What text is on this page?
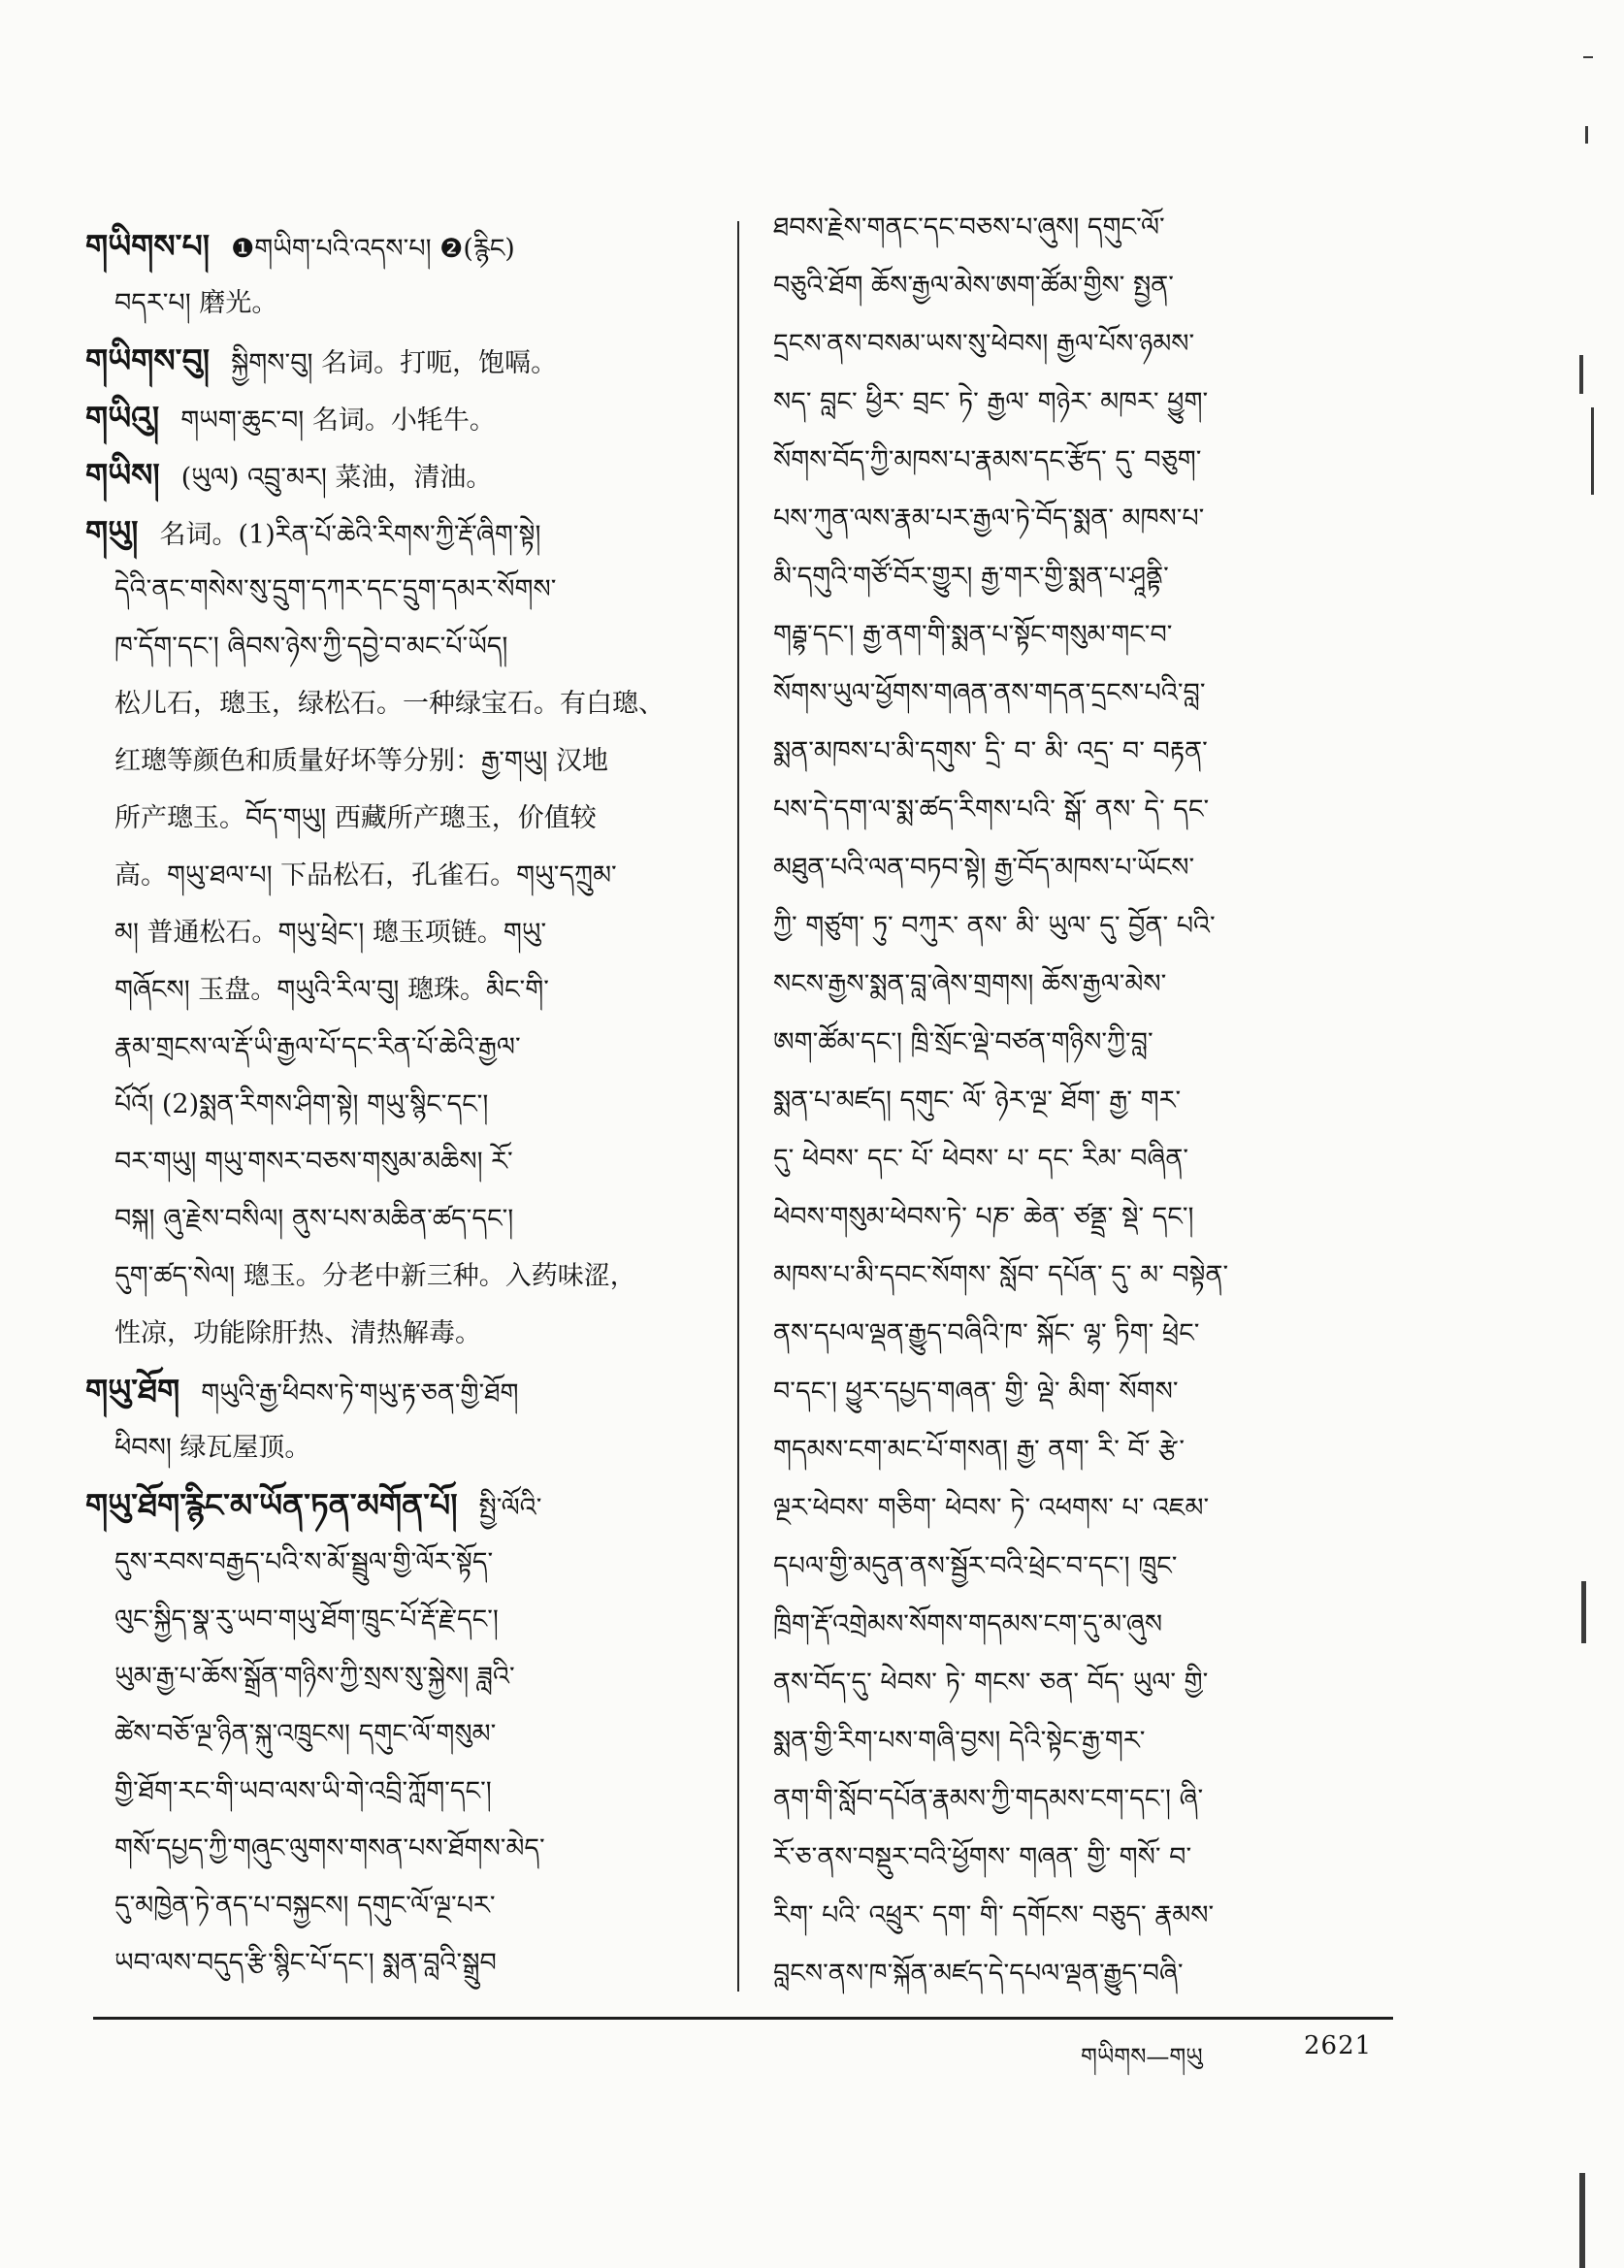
གཡིགས་པ། ❶གཡིག་པའི་འདས་པ། ❷(རྙིང)
བདར་པ། 磨光。
གཡིགས་བུ། སྐྱིགས་བུ། 名词。打呃，饱嗝。
གཡིའུ། གཡག་ཆུང་བ། 名词。小牦牛。
གཡིས། (ཡུལ) འབྲུ་མར། 菜油，清油。
གཡུ། 名词。(1)རིན་པོ་ཆེའི་རིགས་ཀྱི་རྡོ་ཞིག་སྟེ།
དེའི་ནང་གསེས་སུ་དྲུག་དཀར་དང་དྲུག་དམར་སོགས་
ཁ་དོག་དང་། ཞིབས་ཉེས་ཀྱི་དབྱེ་བ་མང་པོ་ཡོད།
松儿石，璁玉，绿松石。一种绿宝石。有白璁、
红璁等颜色和质量好坏等分别：རྒྱ་གཡུ། 汉地
所产璁玉。བོད་གཡུ། 西藏所产璁玉，价值较
高。གཡུ་ཐལ་པ། 下品松石，孔雀石。གཡུ་དཀྲུམ་
མ། 普通松石。གཡུ་ཕྲེང་། 璁玉项链。གཡུ་
གཞོངས། 玉盘。གཡུའི་རིལ་བུ། 璁珠。མིང་གི་
རྣམ་གྲངས་ལ་རྡོ་ཡི་རྒྱལ་པོ་དང་རིན་པོ་ཆེའི་རྒྱལ་
པོའོ། (2)སྨན་རིགས་ཤིག་སྟེ། གཡུ་སྙིང་དང་།
བར་གཡུ། གཡུ་གསར་བཅས་གསུམ་མཆིས། རོ་
བསྐ། ཞུ་རྗེས་བསིལ། ནུས་པས་མཆིན་ཚད་དང་།
དུག་ཚད་སེལ། 璁玉。分老中新三种。入药味涩，
性凉，功能除肝热、清热解毒。
གཡུ་ཐོག གཡུའི་རྒྱ་ཕིབས་ཏེ་གཡུ་རྟ་ཅན་གྱི་ཐོག
ཕིབས། 绿瓦屋顶。
གཡུ་ཐོག་རྙིང་མ་ཡོན་ཏན་མགོན་པོ། སྤྱི་ལོའི་
དུས་རབས་བརྒྱད་པའི་ས་མོ་སྦྲུལ་གྱི་ལོར་སྟོད་
ལུང་སྐྱིད་སྣ་རུ་ཡབ་གཡུ་ཐོག་ཁྲུང་པོ་རྡོ་རྗེ་དང་།
ཡུམ་རྒྱ་པ་ཆོས་སྒྲོན་གཉིས་ཀྱི་སྲས་སུ་སྐྱེས། ཟླའི་
ཚེས་བཅོ་ལྔ་ཉིན་སྐུ་འཁྲུངས། དགུང་ལོ་གསུམ་
གྱི་ཐོག་རང་གི་ཡབ་ལས་ཡི་གེ་འབྲི་ཀློག་དང་།
གསོ་དཔྱད་ཀྱི་གཞུང་ལུགས་གསན་པས་ཐོགས་མེད་
དུ་མཁྱེན་ཏེ་ནད་པ་བསྐྱངས། དགུང་ལོ་ལྔ་པར་
ཡབ་ལས་བདུད་རྩི་སྙིང་པོ་དང་། སྨན་བླའི་སྒྲུབ
ཐབས་རྗེས་གནང་དང་བཅས་པ་ཞུས། དགུང་ལོ་
བཅུའི་ཐོག ཆོས་རྒྱལ་མེས་ཨག་ཚོམ་གྱིས་ སྤྱན་
དྲངས་ནས་བསམ་ཡས་སུ་ཕེབས། རྒྱལ་པོས་ཉམས་
སད་ བླང་ ཕྱིར་ བྲང་ ཏེ་ རྒྱལ་ གཉེར་ མཁར་ ཕྱུག་
སོགས་བོད་ཀྱི་མཁས་པ་རྣམས་དང་རྩོད་ དུ་ བཅུག་
པས་ཀུན་ལས་རྣམ་པར་རྒྱལ་ཏེ་བོད་སྨན་ མཁས་པ་
མི་དགུའི་གཙོ་བོར་གྱུར། རྒྱ་གར་གྱི་སྨན་པ་ཤཱནྟི་
གརྦྷ་དང་། རྒྱ་ནག་གི་སྨན་པ་སྟོང་གསུམ་གང་བ་
སོགས་ཡུལ་ཕྱོགས་གཞན་ནས་གདན་དྲངས་པའི་བླ་
སྨན་མཁས་པ་མི་དགུས་ དྲི་ བ་ མི་ འདྲ་ བ་ བརྟན་
པས་དེ་དག་ལ་སྨ་ཚད་རིགས་པའི་ སྒོ་ ནས་ དེ་ དང་
མཐུན་པའི་ལན་བཏབ་སྟེ། རྒྱ་བོད་མཁས་པ་ཡོངས་
ཀྱི་ གཙུག་ ཏུ་ བཀུར་ ནས་ མི་ ཡུལ་ དུ་ བྱོན་ པའི་
སངས་རྒྱས་སྨན་བླ་ཞེས་གྲགས། ཆོས་རྒྱལ་མེས་
ཨག་ཚོམ་དང་། ཁྲི་སྲོང་ལྡེ་བཙན་གཉིས་ཀྱི་བླ་
སྨན་པ་མཛད། དགུང་ ལོ་ ཉེར་ལྔ་ ཐོག་ རྒྱ་ གར་
དུ་ ཕེབས་ དང་ པོ་ ཕེབས་ པ་ དང་ རིམ་ བཞིན་
ཕེབས་གསུམ་ཕེབས་ཏེ་ པཎ་ ཆེན་ ཙནྡྲ་ སྡེ་ དང་།
མཁས་པ་མི་དབང་སོགས་ སློབ་ དཔོན་ དུ་ མ་ བསྟེན་
ནས་དཔལ་ལྡན་རྒྱུད་བཞིའི་ཁ་ སྐོང་ ལྷ་ ཏིག་ ཕྲེང་
བ་དང་། ཕྱུར་དཔྱད་གཞན་ གྱི་ ལྡེ་ མིག་ སོགས་
གདམས་ངག་མང་པོ་གསན། རྒྱ་ ནག་ རི་ བོ་ རྩེ་
ལྔར་ཕེབས་ གཅིག་ ཕེབས་ ཏེ་ འཕགས་ པ་ འཇམ་
དཔལ་གྱི་མདུན་ནས་སྦྱོར་བའི་ཕྲེང་བ་དང་། ཁྲུང་
ཁྲིག་རྡོ་འགྲེམས་སོགས་གདམས་ངག་དུ་མ་ཞུས
ནས་བོད་དུ་ ཕེབས་ ཏེ་ གངས་ ཅན་ བོད་ ཡུལ་ གྱི་
སྨན་གྱི་རིག་པས་གཞི་བྱས། དེའི་སྟེང་རྒྱ་གར་
ནག་གི་སློབ་དཔོན་རྣམས་ཀྱི་གདམས་ངག་དང་། ཞི་
རོ་ཅ་ནས་བསྡུར་བའི་ཕྱོགས་ གཞན་ གྱི་ གསོ་ བ་
རིག་ པའི་ འཕྲུར་ དག་ གི་ དགོངས་ བཅུད་ རྣམས་
བླངས་ནས་ཁ་སྐོན་མཛད་དེ་དཔལ་ལྡན་རྒྱུད་བཞི་
གཡིགས—གཡུ	2621
